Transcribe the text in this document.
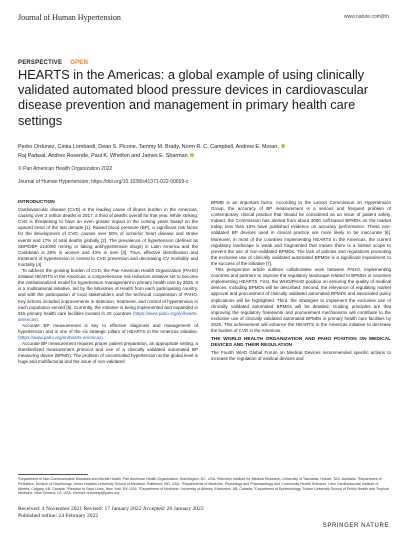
Journal of Human Hypertension	www.nature.com/jhh
PERSPECTIVE OPEN
HEARTS in the Americas: a global example of using clinically validated automated blood pressure devices in cardiovascular disease prevention and management in primary health care settings
Pedro Ordunez, Cintia Lombardi, Dean S. Picone, Tammy M. Brady, Norm R. C. Campbell, Andrew E. Moran,
Raj Padwal, Andres Rosende, Paul K. Whelton and James E. Sharman
© Pan American Health Organization 2022
Journal of Human Hypertension; https://doi.org/10.1038/s41371-022-00659-z
INTRODUCTION

Cardiovascular disease (CVD) is the leading cause of illness burden in the Americas, causing over 2 million deaths in 2017, a third of deaths overall for that year. While striking, CVD is threatening to have an even greater impact in the coming years based on the upward trend of the last decade [1]. Raised blood pressure (BP), a significant risk factor for the development of CVD, causes over 50% of ischemic heart disease and stroke events and 17% of total deaths globally [2]. The prevalence of hypertension (defined as SBP/DBP ≥140/90 mmHg or taking antihypertensive drugs) in Latin America and the Caribbean is 28% in women and 43% in men [3]. Thus, effective identification and treatment of hypertension is central to CVD prevention and decreasing CV morbidity and mortality [4].

To address the growing burden of CVD, the Pan American Health Organization (PAHO) initiated HEARTS in the Americas, a comprehensive risk reduction initiative set to become the institutionalized model for hypertension management in primary health care by 2025. It is a multinational initiative, led by the Ministries of Health from each participating country, and with the participation of local stakeholders and the technical cooperation of PAHO. Key actions included improvements in detection, treatment, and control of hypertension in each population served [5]. Currently, the initiative is being implemented and expanded in 915 primary health care facilities located in 20 countries (https://www.paho.org/en/hearts-americas).

Accurate BP measurement is key to effective diagnosis and management of hypertension and is one of the six strategic pillars of HEARTS in the Americas initiative. (https://www.paho.org/en/hearts-americas).

Accurate BP measurement requires proper patient preparation, an appropriate setting, a standardized measurement protocol and use of a clinically validated automated BP measuring device (BPMD). The problem of uncontrolled hypertension at the global level is huge and multifactorial and the issue of non-validated

BPMD is an important factor. According to the Lancet Commission on Hypertension Group, the accuracy of BP measurement is a serious and frequent problem of contemporary clinical practice that should be considered as an issue of patient safety. Indeed, the Commission has alerted from about 3000 cuff-based BPMDs on the market today, less than 15% have published evidence on accuracy performance. These non-validated BP devices used in clinical practice are more likely to be inaccurate [6]. Moreover, in most of the countries implementing HEARTS in the Americas, the current regulatory landscape is weak and fragmented that means there is a limited scope to prevent the use of non-validated BPMDs. The lack of policies and regulations promoting the exclusive use of clinically validated automated BPMDs is a significant impediment to the success of the initiative [7].

This perspective article outlines collaborative work between PAHO, implementing countries and partners to improve the regulatory landscape related to BPMDs in countries implementing HEARTS. First, the WHO/PAHO position on ensuring the quality of medical devices, including BPMDs will be described. Second, the relevance of regulating market approval and procurement of clinically validated automated BPMDs and associated policy implications will be highlighted. Third, the strategies to implement the exclusive use of clinically validated automated BPMDs will be detailed. Guiding principles are that improving the regulatory framework and procurement mechanisms will contribute to the exclusive use of clinically validated automated BPMDs in primary health care facilities by 2025. This achievement will enhance the HEARTS in the Americas initiative to decrease the burden of CVD in the Americas.

THE WORLD HEALTH ORGANIZATION AND PAHO POSITION ON MEDICAL DEVICES AND THEIR REGULATION

The Fourth WHO Global Forum on Medical Devices recommended specific actions to increase the regulation of medical devices and

¹Department of Non-Communicable Diseases and Mental Health, Pan American Health Organization, Washington, DC, USA. ²Menzies Institute for Medical Research, University of Tasmania, Hobart, TAS, Australia. ³Department of Pediatrics, Division of Nephrology, Johns Hopkins University School of Medicine, Baltimore, MD, USA. ⁴Departments of Medicine, Physiology and Pharmacology and Community Health Sciences, Libin Cardiovascular Institute of Alberta, Calgary, AB, Canada. ⁵Resolve to Save Lives, New York, NY, USA. ⁶Department of Medicine, University of Alberta, Edmonton, AB, Canada. ⁷Department of Epidemiology, Tulane University School of Public Health and Tropical Medicine, New Orleans, LA, USA. ✉email: ordunezp@paho.org
Received: 4 November 2021 Revised: 17 January 2022 Accepted: 26 January 2022
Published online: 24 February 2022
SPRINGER NATURE
